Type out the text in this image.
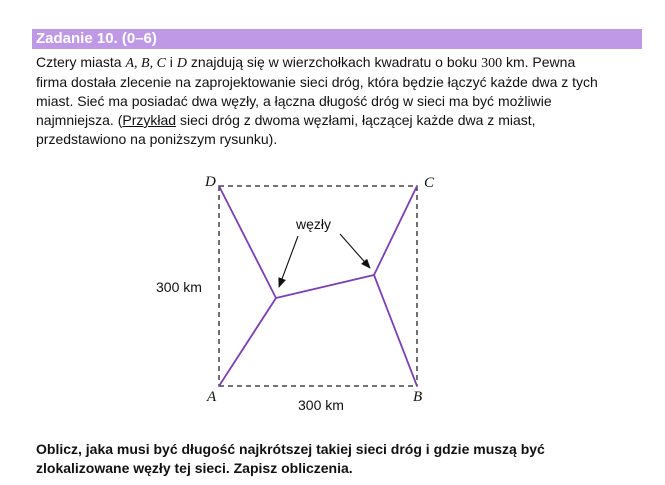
Zadanie 10. (0–6)
Cztery miasta A, B, C i D znajdują się w wierzchołkach kwadratu o boku 300 km. Pewna
firma dostała zlecenie na zaprojektowanie sieci dróg, która będzie łączyć każde dwa z tych
miast. Sieć ma posiadać dwa węzły, a łączna długość dróg w sieci ma być możliwie
najmniejsza. (Przykład sieci dróg z dwoma węzłami, łączącej każde dwa z miast,
przedstawiono na poniższym rysunku).
D	C
A	B
węzły
300 km
300 km
Oblicz, jaka musi być długość najkrótszej takiej sieci dróg i gdzie muszą być
zlokalizowane węzły tej sieci. Zapisz obliczenia.
